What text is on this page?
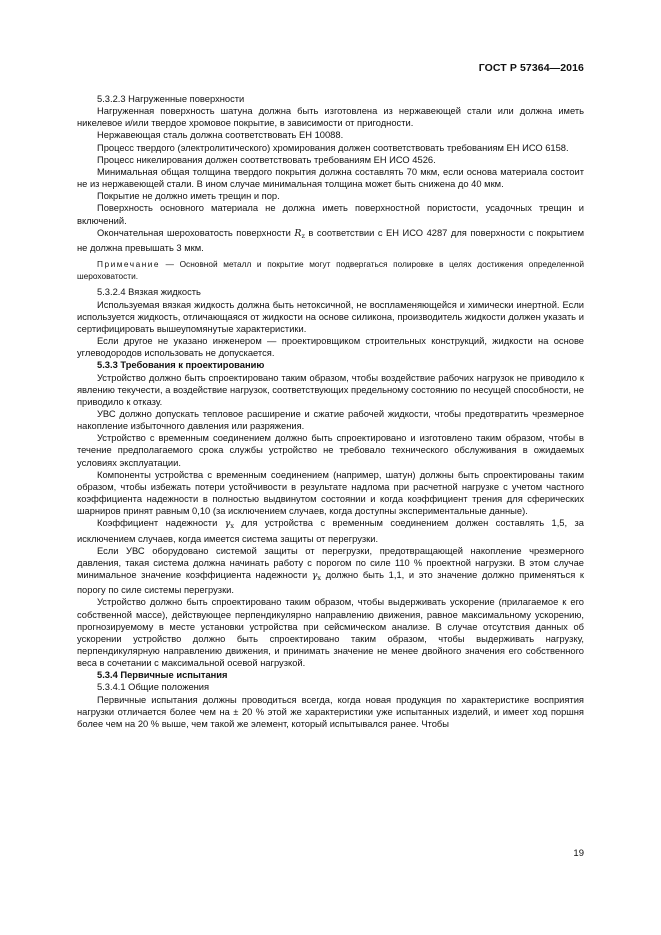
ГОСТ Р 57364—2016

5.3.2.3 Нагруженные поверхности

Нагруженная поверхность шатуна должна быть изготовлена из нержавеющей стали или должна иметь никелевое и/или твердое хромовое покрытие, в зависимости от пригодности.

Нержавеющая сталь должна соответствовать ЕН 10088.

Процесс твердого (электролитического) хромирования должен соответствовать требованиям ЕН ИСО 6158.

Процесс никелирования должен соответствовать требованиям ЕН ИСО 4526.

Минимальная общая толщина твердого покрытия должна составлять 70 мкм, если основа материала состоит не из нержавеющей стали. В ином случае минимальная толщина может быть снижена до 40 мкм.

Покрытие не должно иметь трещин и пор.

Поверхность основного материала не должна иметь поверхностной пористости, усадочных трещин и включений.

Окончательная шероховатость поверхности $R_z$ в соответствии с ЕН ИСО 4287 для поверхности с покрытием не должна превышать 3 мкм.

Примечание — Основной металл и покрытие могут подвергаться полировке в целях достижения определенной шероховатости.

5.3.2.4 Вязкая жидкость

Используемая вязкая жидкость должна быть нетоксичной, не воспламеняющейся и химически инертной. Если используется жидкость, отличающаяся от жидкости на основе силикона, производитель жидкости должен указать и сертифицировать вышеупомянутые характеристики.

Если другое не указано инженером — проектировщиком строительных конструкций, жидкости на основе углеводородов использовать не допускается.

5.3.3 Требования к проектированию

Устройство должно быть спроектировано таким образом, чтобы воздействие рабочих нагрузок не приводило к явлению текучести, а воздействие нагрузок, соответствующих предельному состоянию по несущей способности, не приводило к отказу.

УВС должно допускать тепловое расширение и сжатие рабочей жидкости, чтобы предотвратить чрезмерное накопление избыточного давления или разряжения.

Устройство с временным соединением должно быть спроектировано и изготовлено таким образом, чтобы в течение предполагаемого срока службы устройство не требовало технического обслуживания в ожидаемых условиях эксплуатации.

Компоненты устройства с временным соединением (например, шатун) должны быть спроектированы таким образом, чтобы избежать потери устойчивости в результате надлома при расчетной нагрузке с учетом частного коэффициента надежности в полностью выдвинутом состоянии и когда коэффициент трения для сферических шарниров принят равным 0,10 (за исключением случаев, когда доступны экспериментальные данные).

Коэффициент надежности $\gamma_x$ для устройства с временным соединением должен составлять 1,5, за исключением случаев, когда имеется система защиты от перегрузки.

Если УВС оборудовано системой защиты от перегрузки, предотвращающей накопление чрезмерного давления, такая система должна начинать работу с порогом по силе 110 % проектной нагрузки. В этом случае минимальное значение коэффициента надежности $\gamma_x$ должно быть 1,1, и это значение должно применяться к порогу по силе системы перегрузки.

Устройство должно быть спроектировано таким образом, чтобы выдерживать ускорение (прилагаемое к его собственной массе), действующее перпендикулярно направлению движения, равное максимальному ускорению, прогнозируемому в месте установки устройства при сейсмическом анализе. В случае отсутствия данных об ускорении устройство должно быть спроектировано таким образом, чтобы выдерживать нагрузку, перпендикулярную направлению движения, и принимать значение не менее двойного значения его собственного веса в сочетании с максимальной осевой нагрузкой.

5.3.4 Первичные испытания

5.3.4.1 Общие положения

Первичные испытания должны проводиться всегда, когда новая продукция по характеристике восприятия нагрузки отличается более чем на ± 20 % этой же характеристики уже испытанных изделий, и имеет ход поршня более чем на 20 % выше, чем такой же элемент, который испытывался ранее. Чтобы

19
